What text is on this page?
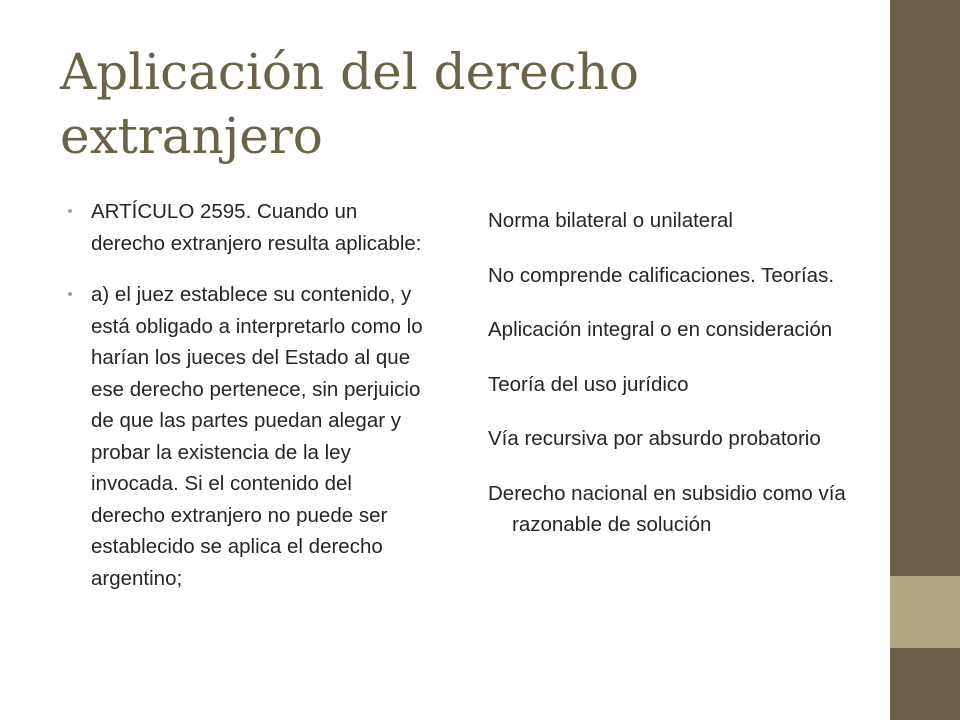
Aplicación del derecho extranjero
ARTÍCULO 2595. Cuando un derecho extranjero resulta aplicable:
a) el juez establece su contenido, y está obligado a interpretarlo como lo harían los jueces del Estado al que ese derecho pertenece, sin perjuicio de que las partes puedan alegar y probar la existencia de la ley invocada. Si el contenido del derecho extranjero no puede ser establecido se aplica el derecho argentino;
Norma bilateral o unilateral
No comprende calificaciones. Teorías.
Aplicación integral o en consideración
Teoría del uso jurídico
Vía recursiva por absurdo probatorio
Derecho nacional en subsidio como vía razonable de solución
